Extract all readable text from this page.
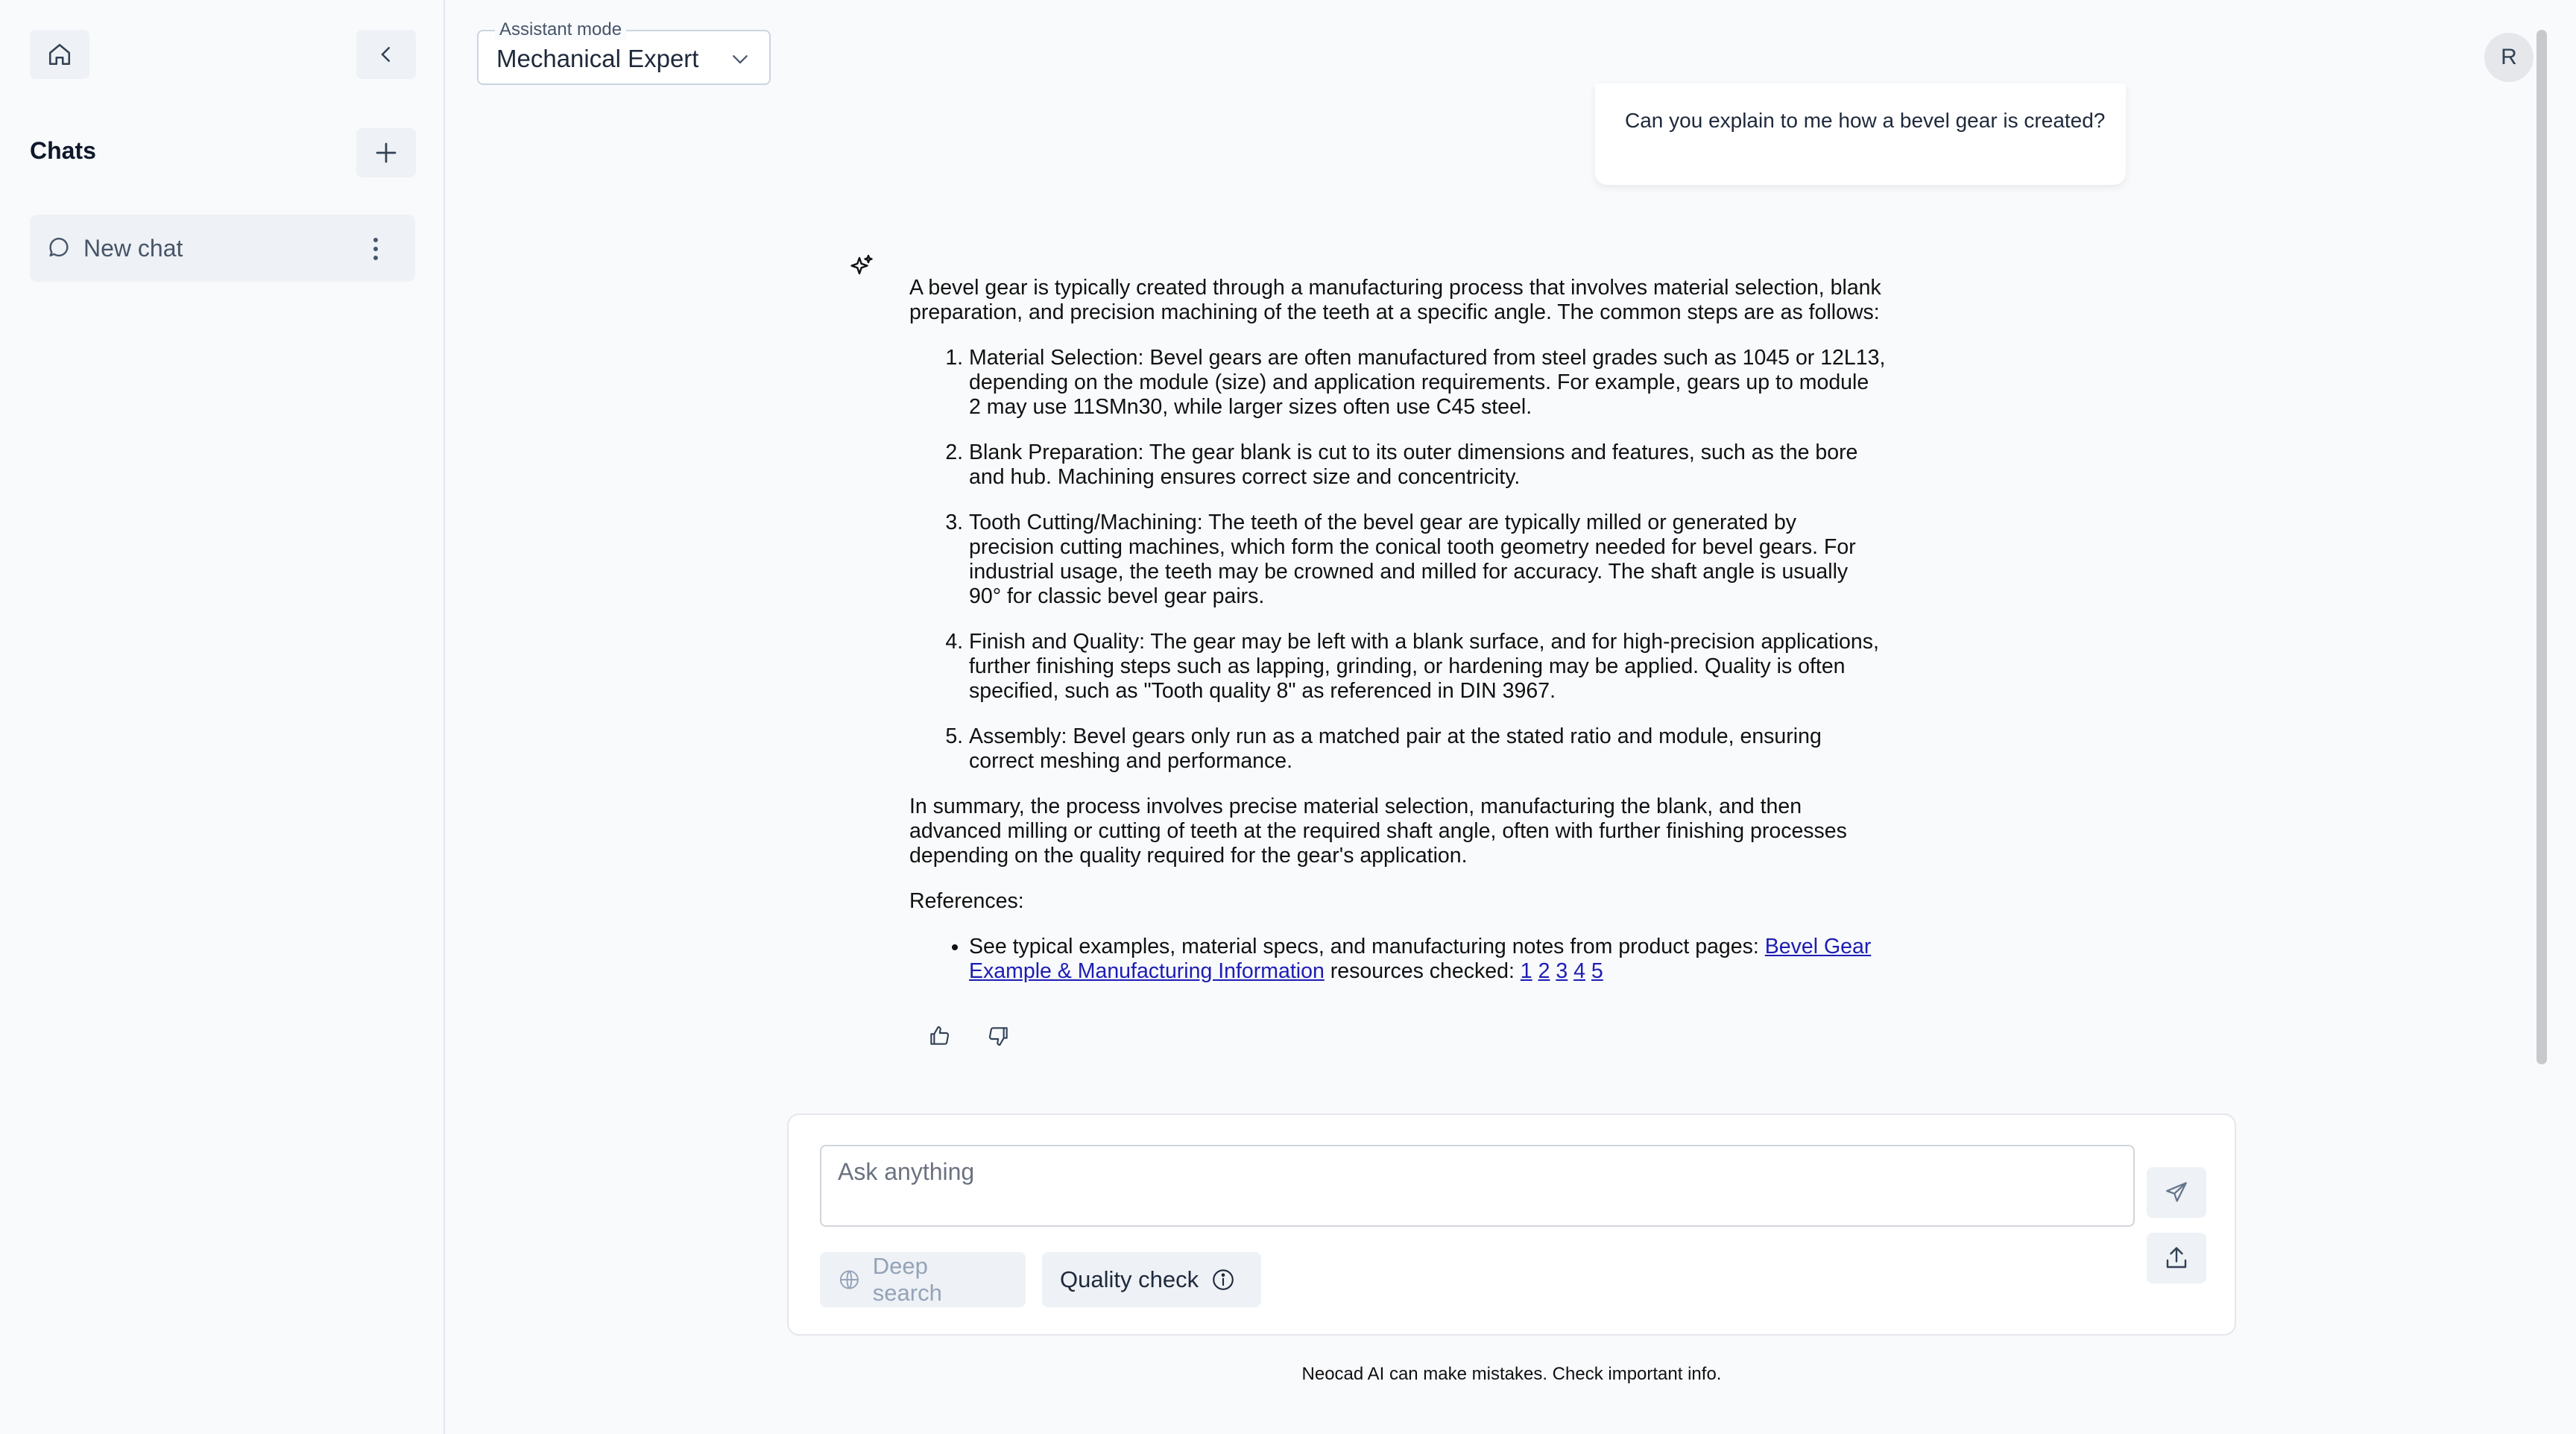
Chats
New chat
Assistant mode
Mechanical Expert	R
Can you explain to me how a bevel gear is created?

A bevel gear is typically created through a manufacturing process that involves material selection, blank preparation, and precision machining of the teeth at a specific angle. The common steps are as follows:

1. Material Selection: Bevel gears are often manufactured from steel grades such as 1045 or 12L13, depending on the module (size) and application requirements. For example, gears up to module 2 may use 11SMn30, while larger sizes often use C45 steel.
2. Blank Preparation: The gear blank is cut to its outer dimensions and features, such as the bore and hub. Machining ensures correct size and concentricity.
3. Tooth Cutting/Machining: The teeth of the bevel gear are typically milled or generated by precision cutting machines, which form the conical tooth geometry needed for bevel gears. For industrial usage, the teeth may be crowned and milled for accuracy. The shaft angle is usually 90° for classic bevel gear pairs.
4. Finish and Quality: The gear may be left with a blank surface, and for high-precision applications, further finishing steps such as lapping, grinding, or hardening may be applied. Quality is often specified, such as "Tooth quality 8" as referenced in DIN 3967.
5. Assembly: Bevel gears only run as a matched pair at the stated ratio and module, ensuring correct meshing and performance.

In summary, the process involves precise material selection, manufacturing the blank, and then advanced milling or cutting of teeth at the required shaft angle, often with further finishing processes depending on the quality required for the gear's application.

References:

• See typical examples, material specs, and manufacturing notes from product pages: Bevel Gear Example & Manufacturing Information resources checked: 1 2 3 4 5
Ask anything
Deep search
Quality check
Neocad AI can make mistakes. Check important info.
